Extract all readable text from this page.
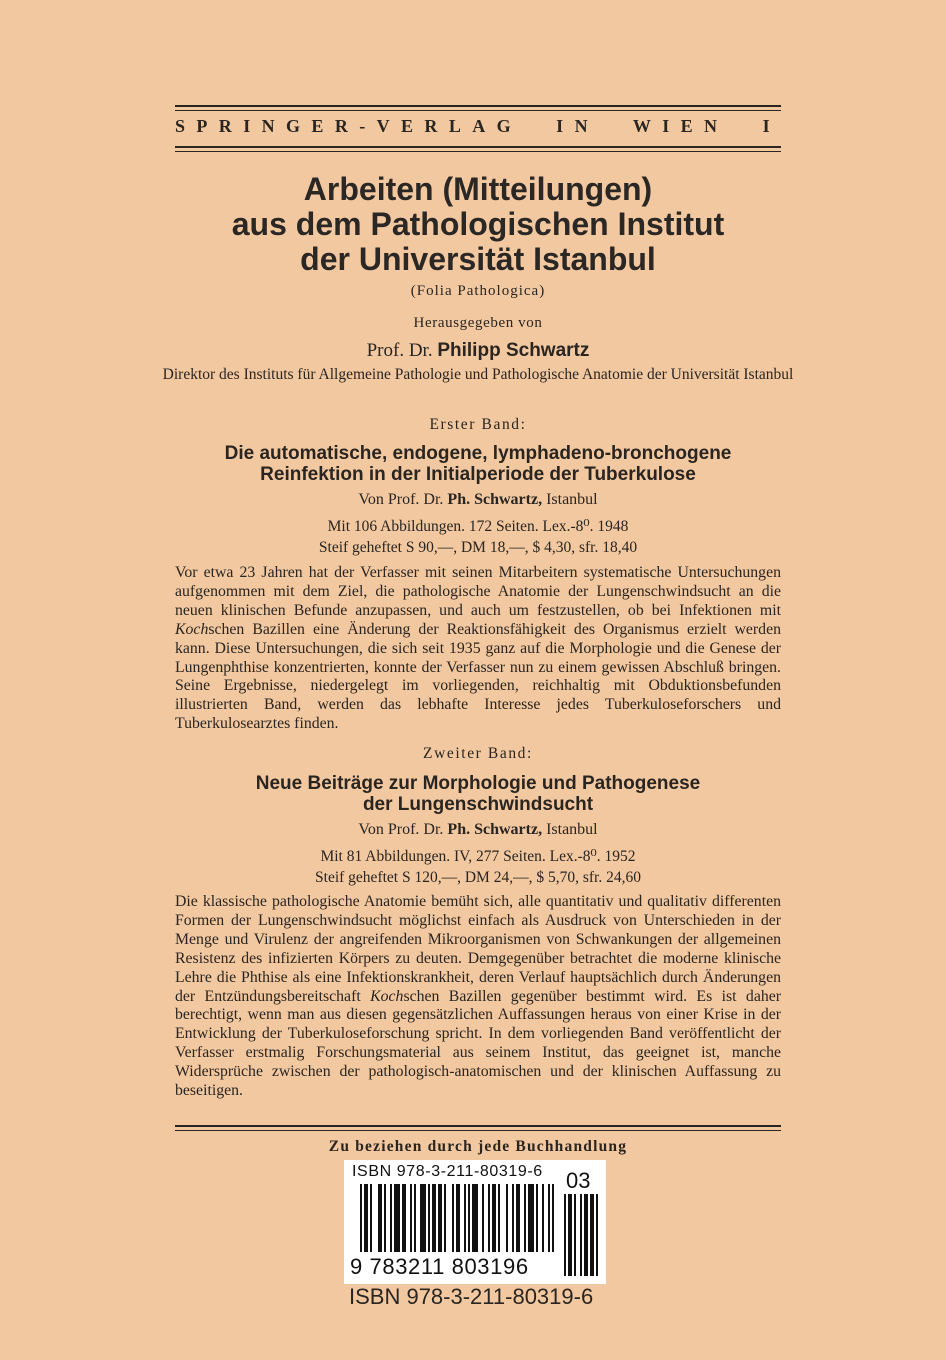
SPRINGER-VERLAG IN WIEN I
Arbeiten (Mitteilungen)
aus dem Pathologischen Institut
der Universität Istanbul
(Folia Pathologica)
Herausgegeben von
Prof. Dr. Philipp Schwartz
Direktor des Instituts für Allgemeine Pathologie und Pathologische Anatomie der Universität Istanbul
Erster Band:
Die automatische, endogene, lymphadeno-bronchogene
Reinfektion in der Initialperiode der Tuberkulose
Von Prof. Dr. Ph. Schwartz, Istanbul
Mit 106 Abbildungen. 172 Seiten. Lex.-8⁰. 1948
Steif geheftet S 90,—, DM 18,—, $ 4,30, sfr. 18,40

Vor etwa 23 Jahren hat der Verfasser mit seinen Mitarbeitern systematische Untersuchungen aufgenommen mit dem Ziel, die pathologische Anatomie der Lungenschwindsucht an die neuen klinischen Befunde anzupassen, und auch um festzustellen, ob bei Infektionen mit Kochschen Bazillen eine Änderung der Reaktionsfähigkeit des Organismus erzielt werden kann. Diese Untersuchungen, die sich seit 1935 ganz auf die Morphologie und die Genese der Lungenphthise konzentrierten, konnte der Verfasser nun zu einem gewissen Abschluß bringen. Seine Ergebnisse, niedergelegt im vorliegenden, reichhaltig mit Obduktionsbefunden illustrierten Band, werden das lebhafte Interesse jedes Tuberkuloseforschers und Tuberkulosearztes finden.

Zweiter Band:
Neue Beiträge zur Morphologie und Pathogenese
der Lungenschwindsucht
Von Prof. Dr. Ph. Schwartz, Istanbul
Mit 81 Abbildungen. IV, 277 Seiten. Lex.-8⁰. 1952
Steif geheftet S 120,—, DM 24,—, $ 5,70, sfr. 24,60

Die klassische pathologische Anatomie bemüht sich, alle quantitativ und qualitativ differenten Formen der Lungenschwindsucht möglichst einfach als Ausdruck von Unterschieden in der Menge und Virulenz der angreifenden Mikroorganismen von Schwankungen der allgemeinen Resistenz des infizierten Körpers zu deuten. Demgegenüber betrachtet die moderne klinische Lehre die Phthise als eine Infektionskrankheit, deren Verlauf hauptsächlich durch Änderungen der Entzündungsbereitschaft Kochschen Bazillen gegenüber bestimmt wird. Es ist daher berechtigt, wenn man aus diesen gegensätzlichen Auffassungen heraus von einer Krise in der Entwicklung der Tuberkuloseforschung spricht. In dem vorliegenden Band veröffentlicht der Verfasser erstmalig Forschungsmaterial aus seinem Institut, das geeignet ist, manche Widersprüche zwischen der pathologisch-anatomischen und der klinischen Auffassung zu beseitigen.

Zu beziehen durch jede Buchhandlung
ISBN 978-3-211-80319-6 03
9 783211 803196
ISBN 978-3-211-80319-6
